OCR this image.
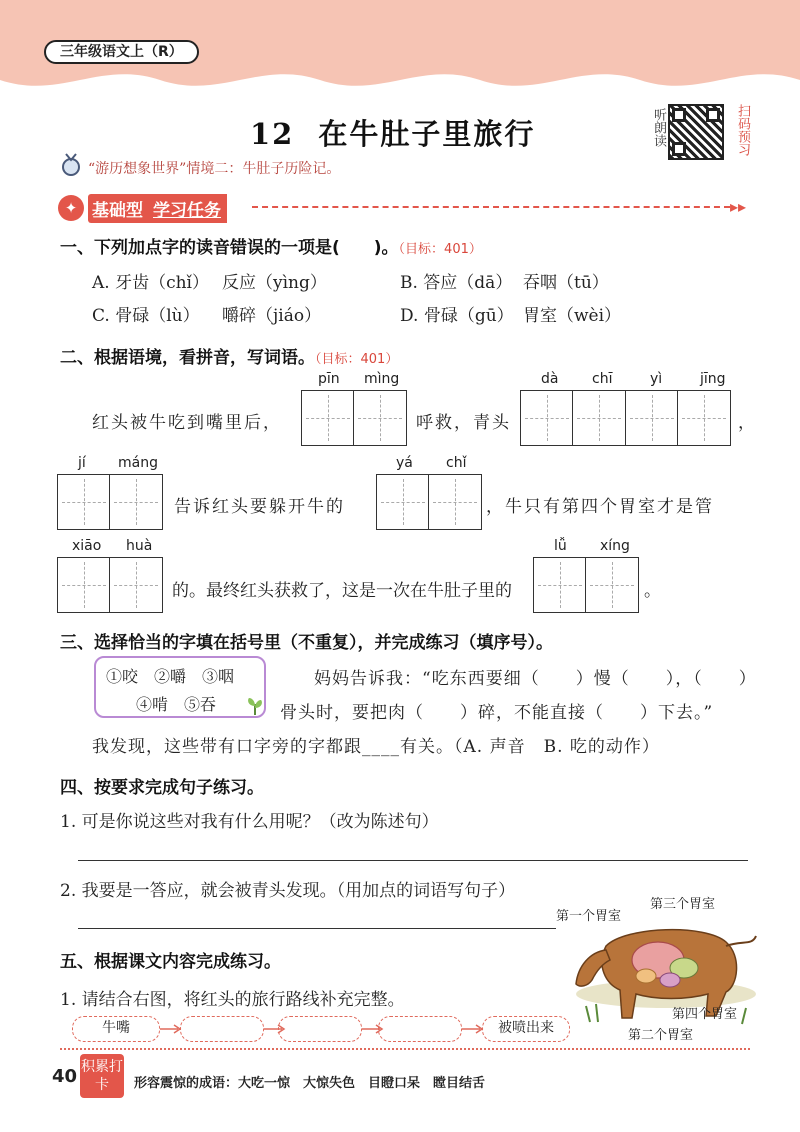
三年级语文上（R）
12 在牛肚子里旅行	听朗读	扫码预习
“游历想象世界”情境二：牛肚子历险记。
✦ 基础型 学习任务	▸▸
一、下列加点字的读音错误的一项是(　　)。（目标：401）
A. 牙齿（chǐ） 反应（yìng）	B. 答应（dā） 吞咽（tū）
C. 骨碌（lù） 嚼碎（jiáo）	D. 骨碌（gū） 胃室（wèi）
二、根据语境，看拼音，写词语。（目标：401）
pīn mìng	dà chī	yì	jīng
红头被牛吃到嘴里后，	呼救，青头	，
jí máng
告诉红头要躲开牛的
yá chǐ
，牛只有第四个胃室才是管
xiāo huà
的。最终红头获救了，这是一次在牛肚子里的
lǚ xíng
。
三、选择恰当的字填在括号里（不重复），并完成练习（填序号）。
①咬　②嚼　③咽
④啃　⑤吞
妈妈告诉我：“吃东西要细（　　）慢（　　），（　　）
骨头时，要把肉（　　）碎，不能直接（　　）下去。”
我发现，这些带有口字旁的字都跟____有关。（A. 声音　B. 吃的动作）
四、按要求完成句子练习。
1. 可是你说这些对我有什么用呢？（改为陈述句）
2. 我要是一答应，就会被青头发现。（用加点的词语写句子）
五、根据课文内容完成练习。
1. 请结合右图，将红头的旅行路线补充完整。
牛嘴	被喷出来
第一个胃室
第三个胃室
第四个胃室
第二个胃室
40 积累打卡	形容震惊的成语：大吃一惊　大惊失色　目瞪口呆　瞠目结舌
